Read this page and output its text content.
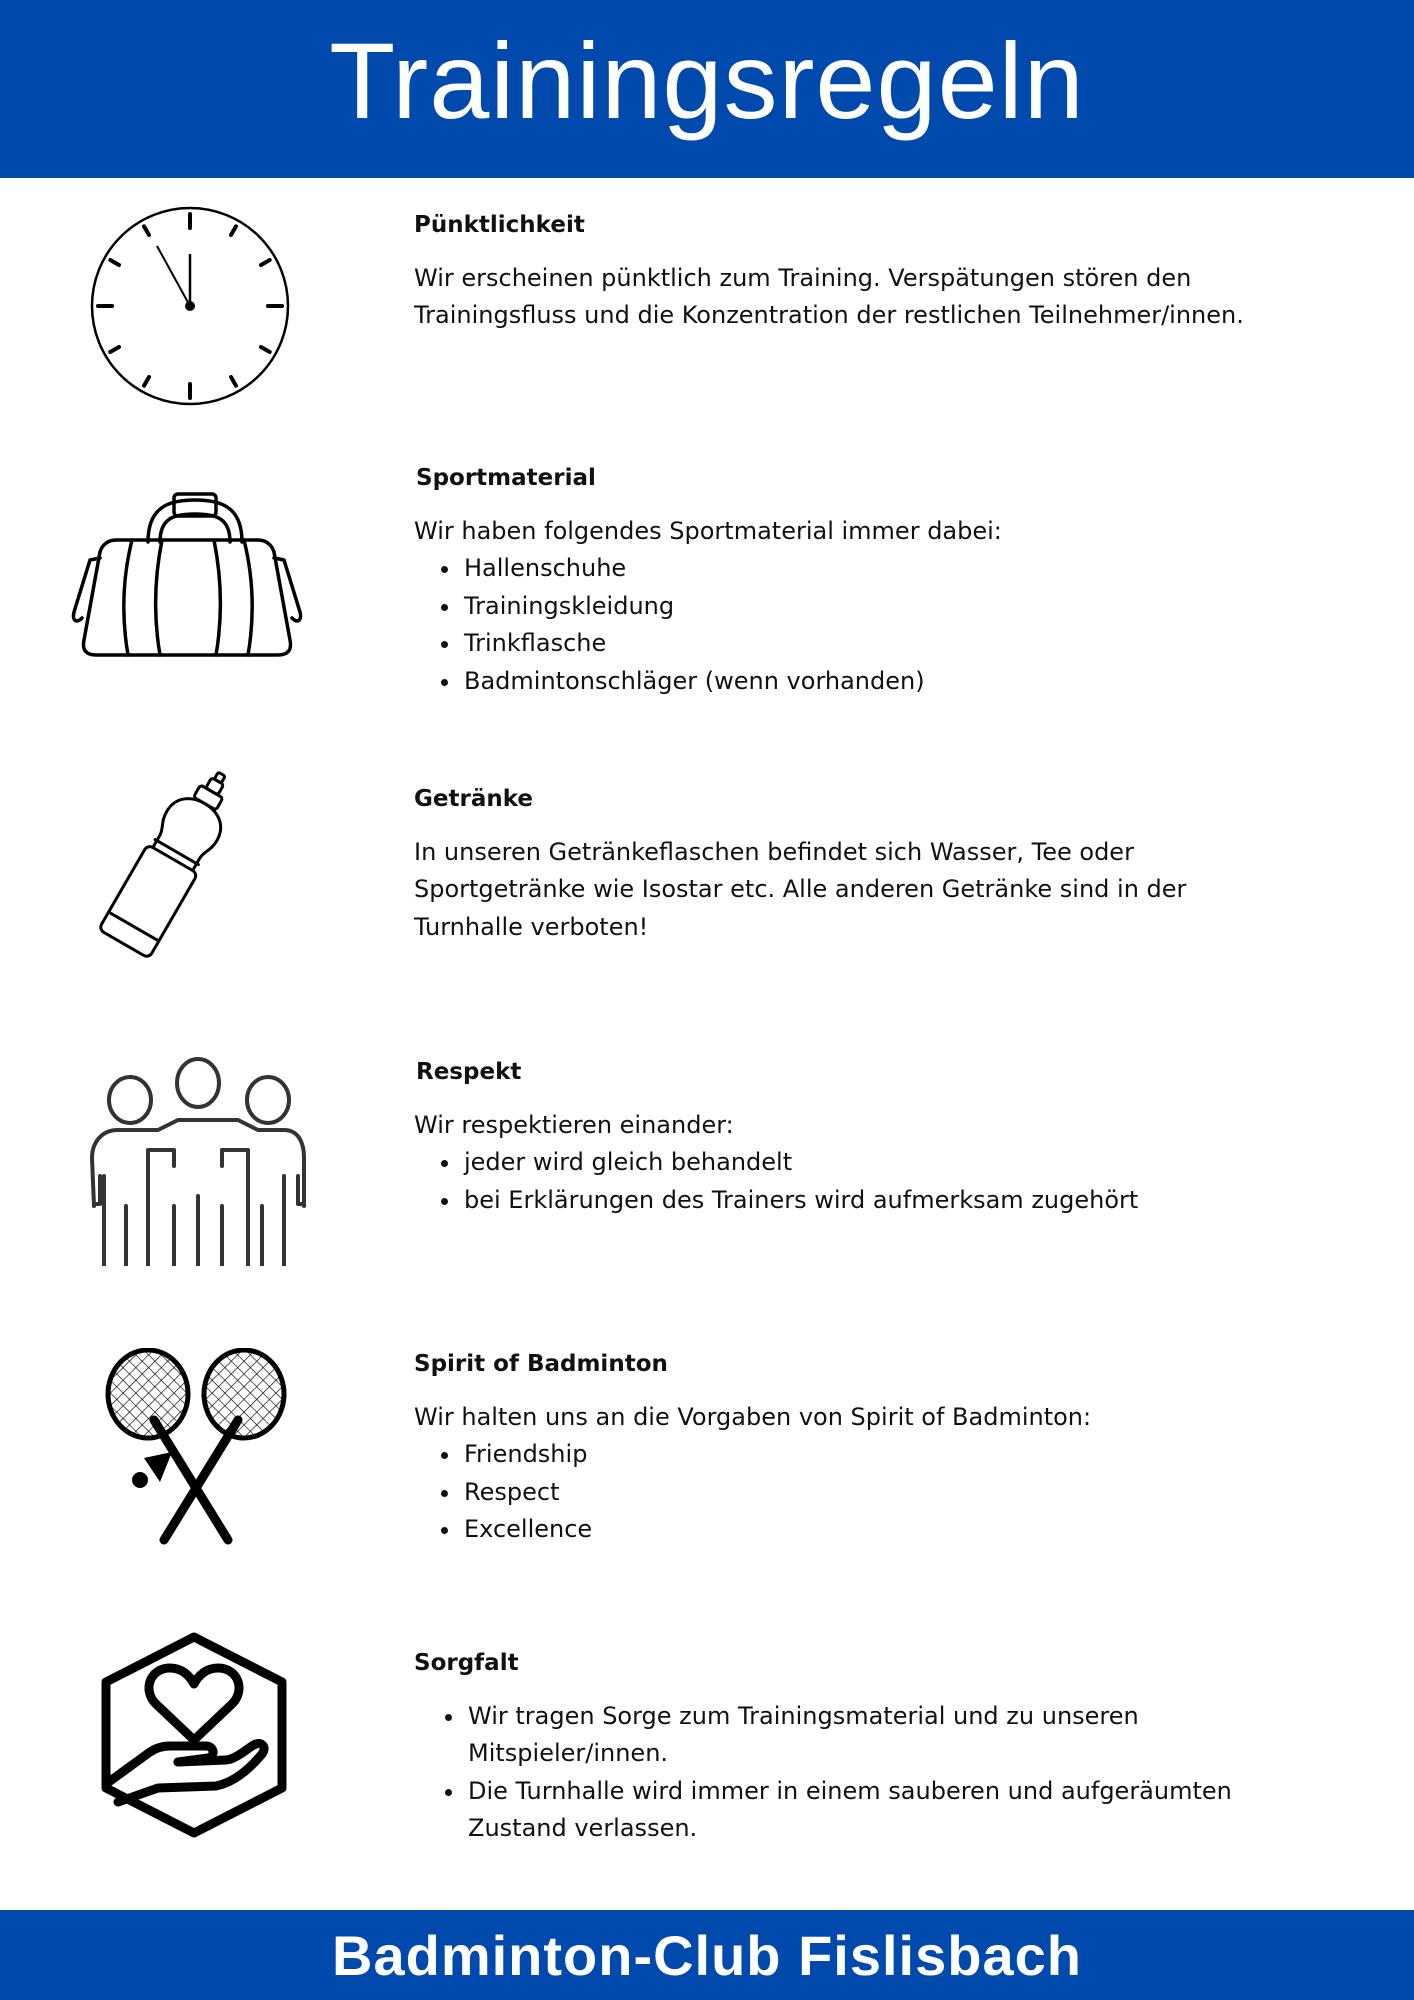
Trainingsregeln
Pünktlichkeit

Wir erscheinen pünktlich zum Training. Verspätungen stören den Trainingsfluss und die Konzentration der restlichen Teilnehmer/innen.

Sportmaterial

Wir haben folgendes Sportmaterial immer dabei:

• Hallenschuhe
• Trainingskleidung
• Trinkflasche
• Badmintonschläger (wenn vorhanden)
Getränke

In unseren Getränkeflaschen befindet sich Wasser, Tee oder Sportgetränke wie Isostar etc. Alle anderen Getränke sind in der Turnhalle verboten!

Respekt

Wir respektieren einander:

• jeder wird gleich behandelt
• bei Erklärungen des Trainers wird aufmerksam zugehört
Spirit of Badminton

Wir halten uns an die Vorgaben von Spirit of Badminton:

• Friendship
• Respect
• Excellence
Sorgfalt
• Wir tragen Sorge zum Trainingsmaterial und zu unseren Mitspieler/innen.
• Die Turnhalle wird immer in einem sauberen und aufgeräumten Zustand verlassen.
Badminton-Club Fislisbach
